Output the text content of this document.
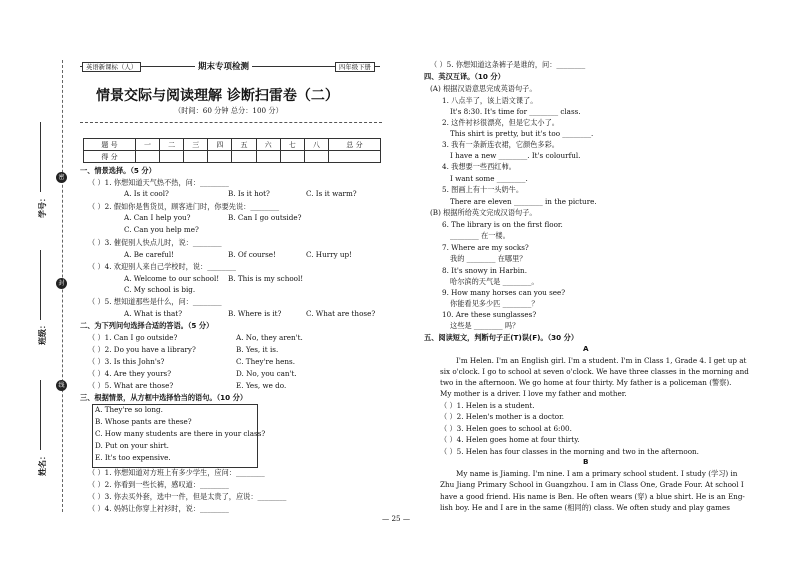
密
封
线
学号：
班级：
姓名：
英语新课标（人）	期末专项检测	四年级下册
情景交际与阅读理解 诊断扫雷卷（二）
（时间：60 分钟 总分：100 分）
题 号	一	二	三	四	五	六	七	八	总 分
得 分									
一、情景选择。（5 分）
（ ）1. 你想知道天气热不热，问：________
A. Is it cool?	B. Is it hot?	C. Is it warm?
（ ）2. 假如你是售货员，顾客进门时，你要先说：________
A. Can I help you?	B. Can I go outside?
C. Can you help me?
（ ）3. 催促别人快点儿时，说：________
A. Be careful!	B. Of course!	C. Hurry up!
（ ）4. 欢迎别人来自己学校时，说：________
A. Welcome to our school! B. This is my school!
C. My school is big.
（ ）5. 想知道那些是什么，问：________
A. What is that?	B. Where is it?	C. What are those?
二、为下列问句选择合适的答语。（5 分）
（ ）1. Can I go outside?	A. No, they aren't.
（ ）2. Do you have a library?	B. Yes, it is.
（ ）3. Is this John's?	C. They're hens.
（ ）4. Are they yours?	D. No, you can't.
（ ）5. What are those?	E. Yes, we do.
三、根据情景，从方框中选择恰当的语句。（10 分）
A. They're so long.
B. Whose pants are these?
C. How many students are there in your class?
D. Put on your shirt.
E. It's too expensive.
（ ）1. 你想知道对方班上有多少学生，应问：________
（ ）2. 你看到一些长裤，感叹道：________
（ ）3. 你去买外套，选中一件，但是太贵了，应说：________
（ ）4. 妈妈让你穿上衬衫时，说：________
（ ）5. 你想知道这条裤子是谁的，问：________
四、英汉互译。（10 分）
(A) 根据汉语意思完成英语句子。
1. 八点半了，该上语文课了。
It's 8:30. It's time for ________ class.
2. 这件衬衫很漂亮，但是它太小了。
This shirt is pretty, but it's too ________.
3. 我有一条新连衣裙，它颜色多彩。
I have a new ________. It's colourful.
4. 我想要一些西红柿。
I want some ________.
5. 图画上有十一头奶牛。
There are eleven ________ in the picture.
(B) 根据所给英文完成汉语句子。
6. The library is on the first floor.
________ 在一楼。
7. Where are my socks?
我的 ________ 在哪里？
8. It's snowy in Harbin.
哈尔滨的天气是 ________。
9. How many horses can you see?
你能看见多少匹 ________？
10. Are these sunglasses?
这些是 ________ 吗？
五、阅读短文，判断句子正(T)误(F)。（30 分）
A
I'm Helen. I'm an English girl. I'm a student. I'm in Class 1, Grade 4. I get up at
six o'clock. I go to school at seven o'clock. We have three classes in the morning and
two in the afternoon. We go home at four thirty. My father is a policeman (警察).
My mother is a driver. I love my father and mother.
（ ）1. Helen is a student.
（ ）2. Helen's mother is a doctor.
（ ）3. Helen goes to school at 6:00.
（ ）4. Helen goes home at four thirty.
（ ）5. Helen has four classes in the morning and two in the afternoon.
B
My name is Jiaming. I'm nine. I am a primary school student. I study (学习) in
Zhu Jiang Primary School in Guangzhou. I am in Class One, Grade Four. At school I
have a good friend. His name is Ben. He often wears (穿) a blue shirt. He is an Eng-
lish boy. He and I are in the same (相同的) class. We often study and play games
— 25 —
